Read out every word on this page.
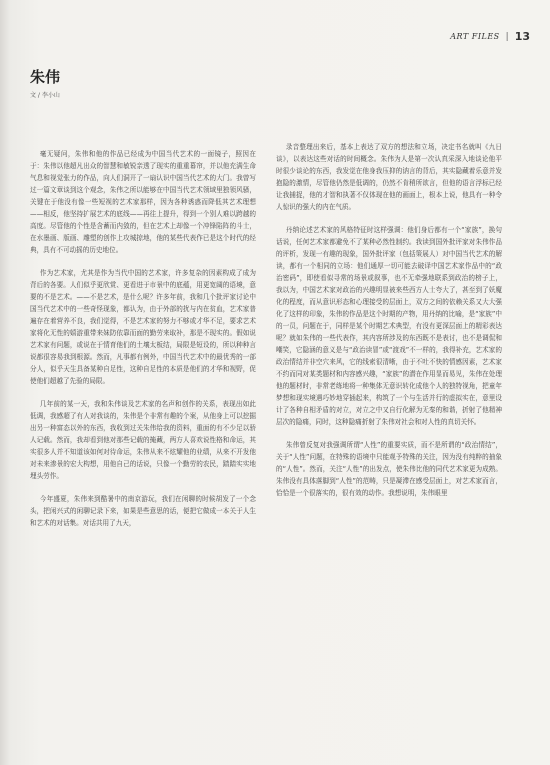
ART FILES | 13
朱伟
文 / 李小山

毫无疑问，朱伟和他的作品已经成为中国当代艺术的一面镜子，照因在于：朱伟以他超凡出众的智慧和敏锐亲透了现实的重重幕帘，并以他充满生命气息和视觉张力的作品，向人们洞开了一扇认识中国当代艺术的大门。我曾写过一篇文章谈到这个观念，朱伟之所以能够在中国当代艺术领域里独领风骚，关键在于他没有像一些短视的艺术家那样，因为各种诱惑而降低其艺术理想——相反，他坚持扩展艺术的底线——再往上提升，得到一个别人难以跨越的高度。尽管他的个性是含蓄而内敛的，但在艺术上却像一个冲锋陷阵的斗士，在水墨画、版画、雕塑的创作上攻城掠地，他的某些代表作已是这个时代的经典，具有不可动摇的历史地位。

作为艺术家，尤其是作为当代中国的艺术家，许多复杂的因素构成了成为背后的各要。人们似乎更欣赏、更看进于市景中的底蕴，用更宽阔的语境，意要的不是艺术。——不是艺术，是什么呢？许多年前，我和几个批评家讨论中国当代艺术中的一些奇怪现象，都认为，由于外部的扰与内在贫血，艺术家普遍存在着营养不良，我们觉得，不是艺术家的努力不够或才华不足，要求艺术家将化无性的嬉游重带来妹防依靠而面的勤劳来取补，那是不现实的。假如说艺术家有问题，或说在于情育他们的土壤太板结，局限是短设的，所以种种言说都很容易我到根源。然而，凡事都有例外，中国当代艺术中的最优秀的一部分人，似乎天生具备某种自足性，这种自足性的本质是他们的才华和视野，促使他们超越了先验的局限。

几年前的某一天，我和朱伟谈及艺术家的名声和创作的关系，表现出如此低调，我感超了有人对我谈的，朱伟是个非常有趣的个案，从他身上可以挖掘出另一种富态以外的东西，我收到过关朱伟给我的资料，重面的有不少足以骄人记载。然而，我却看到他对那些记载的掩藏，两方人喜欢说性格和命运，其实很多人并不知道该如何对待命运，朱伟从来不炫耀他的业绩，从来不开发他对未来渗景的宏大构想，用他自己的话说，只像一个勤劳的农民，踏踏实实地埋头劳作。

今年盛夏，朱伟来到酷暑中的南京游玩，我们在闲聊的时候胡发了一个念头，把闲兴式的闲聊记录下来，如果是些意思的话，便把它做成一本关于人生和艺术的对话集。对话共用了九天，

录音整理出来后，基本上表达了双方的想法和立场，决定书名就叫《九日谈》，以表达这些对话的时间概念。朱伟为人是第一次认真采深入地谈论他平时很少谈论的东西，我发觉在他身我压抑的讷言的背后，其实隐藏着乐意并发抱隐的激情，尽管他仍然是低调的，仍然不肯稍所欲言，但他的语言浮标已经让我捕捉，他的才智和执著不仅体现在他的画面上，根本上说，他具有一种令人惊识的强大的内在气质。

丹纳论述艺术家的风格特征时这样强调：他们身后都有一个“家族”，换句话说，任何艺术家都避免不了某种必然性制约。我读到国外批评家对朱伟作品的评析，发现一有趣的现象，国外批评家（包括策展人）对中国当代艺术的解读，都有一个相同的立场：他们通厚一切可能去破译中国艺术家作品中的“政治密码”，即使看似寻常的场景或叙事，也不无牵强地联系到政治的榜子上，我以为，中国艺术家对政治的兴趣明显被来些西方人士夸大了，甚至到了妖魔化的程度，而从意识形态和心理接受的层面上，双方之间的依赖关系又大大强化了这样的印象，朱伟的作品是这个时期的产物，用丹纳的比喻，是“家族”中的一员，问题在于，同样是某个时期艺术典型，有没有更深层面上的精彩表达呢？就如朱伟的一些代表作，其内容所涉及的东西既不是表讨，也不是调侃和嘲笑，它隐涵的意义是与“政治读冒”或“渡戏”不一样的，我得补充，艺术家的政治情结并非空穴来风，它的线索很清晰，由于不吐不快的情感因素，艺术家不约而同对某类题材和内容感兴趣，“家族”的潜在作用显而易见，朱伟在处理他的题材时，非常老练地将一种集体无意识转化成他个人的独特视角，把童年梦想和现实境遇巧妙地穿插起来，构筑了一个与生活并行的虚拟实在，意里设计了各种自相矛盾的对立，对立之中又自行化解为无秦的和谐，折射了他精神层次的隐痛，同时，这种隐痛折射了朱伟对社会和对人性的真切关怀。

朱伟曾反复对我强调所谓“人性”的重要实质，而不是所谓的“政治情结”，关于“人性”问题，在特殊的语境中只能观予特殊的关注，因为没有纯粹的抽象的“人性”。然而，关注“人性”的出发点，使朱伟比他的同代艺术家更为成熟。朱伟没有具体落脚到“人性”的范畴，只是凝滞在感受层面上，对艺术家而言，恰恰是一个很落实的，很有效的动作。我想说明，朱伟眼里
